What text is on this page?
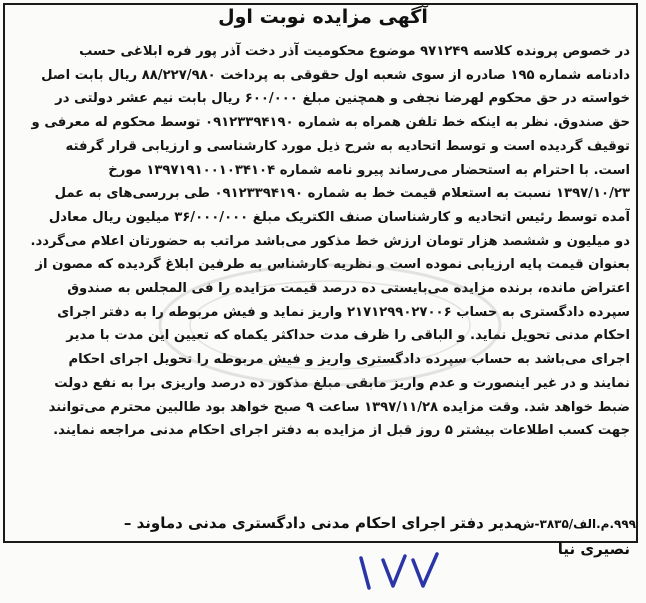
آگهی مزایده نوبت اول
در خصوص پرونده کلاسه ۹۷۱۲۴۹ موضوع محکومیت آذر دخت آذر پور فره ابلاغی حسب
دادنامه شماره ۱۹۵ صادره از سوی شعبه اول حقوقی به پرداخت ۸۸/۲۲۷/۹۸۰ ریال بابت اصل
خواسته در حق محکوم لهرضا نجفی و همچنین مبلغ ۶۰۰/۰۰۰ ریال بابت نیم عشر دولتی در
حق صندوق. نظر به اینکه خط تلفن همراه به شماره ۰۹۱۲۳۳۹۴۱۹۰ توسط محکوم له معرفی و
توقیف گردیده است و توسط اتحادیه به شرح ذیل مورد کارشناسی و ارزیابی قرار گرفته
است. با احترام به استحضار می‌رساند پیرو نامه شماره ۱۳۹۷۱۹۱۰۰۱۰۳۴۱۰۴ مورخ
۱۳۹۷/۱۰/۲۳ نسبت به استعلام قیمت خط به شماره ۰۹۱۲۳۳۹۴۱۹۰ طی بررسی‌های به عمل
آمده توسط رئیس اتحادیه و کارشناسان صنف الکتریک مبلغ ۳۶/۰۰۰/۰۰۰ میلیون ریال معادل
دو میلیون و ششصد هزار تومان ارزش خط مذکور می‌باشد مراتب به حضورتان اعلام می‌گردد.
بعنوان قیمت پایه ارزیابی نموده است و نظریه کارشناس به طرفین ابلاغ گردیده که مصون از
اعتراض مانده، برنده مزایده می‌بایستی ده درصد قیمت مزایده را فی المجلس به صندوق
سپرده دادگستری به حساب ۲۱۷۱۲۹۹۰۲۷۰۰۶ واریز نماید و فیش مربوطه را به دفتر اجرای
احکام مدنی تحویل نماید. و الباقی را ظرف مدت حداکثر یکماه که تعیین این مدت با مدیر
اجرای می‌باشد به حساب سپرده دادگستری واریز و فیش مربوطه را تحویل اجرای احکام
نمایند و در غیر اینصورت و عدم واریز مابقی مبلغ مذکور ده درصد واریزی برا به نفع دولت
ضبط خواهد شد. وقت مزایده ۱۳۹۷/۱۱/۲۸ ساعت ۹ صبح خواهد بود طالبین محترم می‌توانند
جهت کسب اطلاعات بیشتر ۵ روز قبل از مزایده به دفتر اجرای احکام مدنی مراجعه نمایند.
۹۹۹.م.الف/۳۸۳۵-ش
مدیر دفتر اجرای احکام مدنی دادگستری مدنی دماوند –
نصیری نیا
